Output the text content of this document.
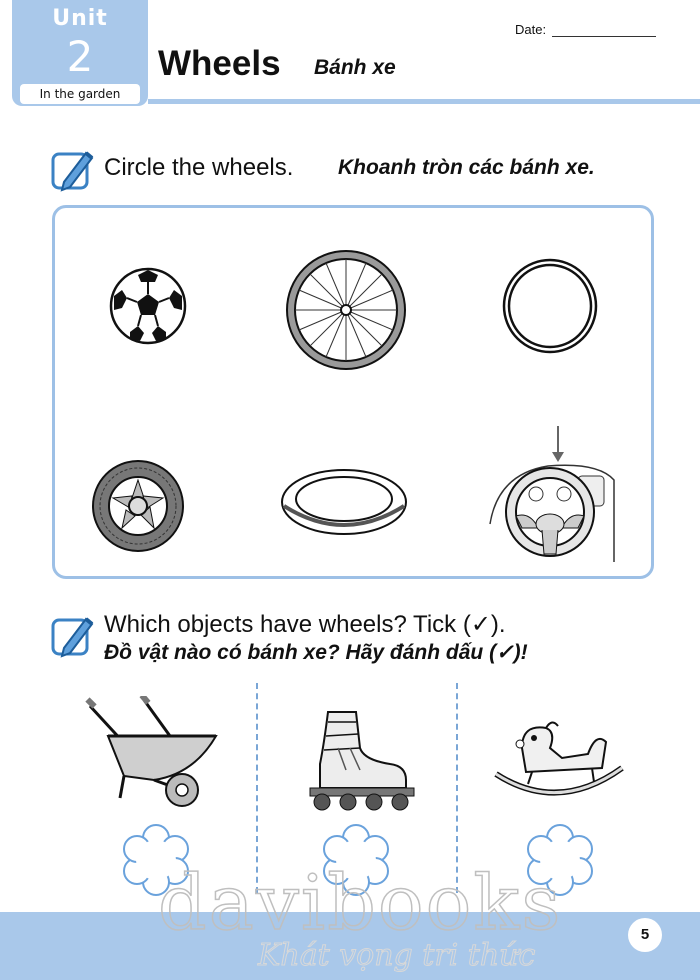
Unit
2
In the garden
Wheels Bánh xe
Date:
Circle the wheels. Khoanh tròn các bánh xe.
Which objects have wheels? Tick (✓).
Đồ vật nào có bánh xe? Hãy đánh dấu (✓)!
davibooks
Khát vọng tri thức
5
